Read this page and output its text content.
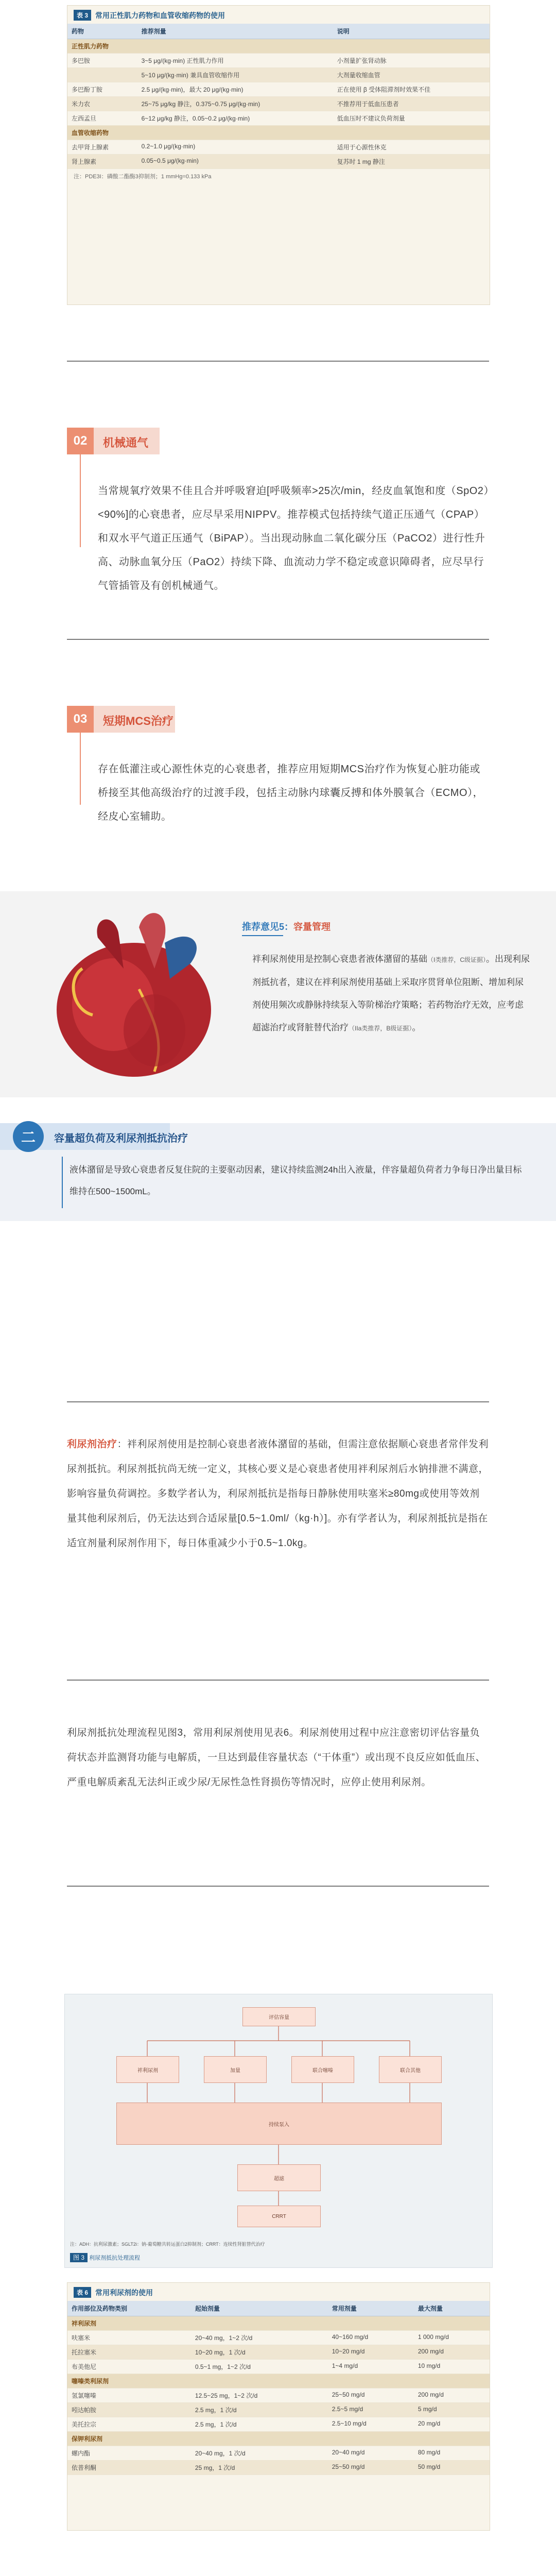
表 3	常用正性肌力药物和血管收缩药物的使用
药物	推荐剂量	说明
正性肌力药物		
多巴胺	3~5 μg/(kg·min) 正性肌力作用	小剂量扩张肾动脉
	5~10 μg/(kg·min) 兼具血管收缩作用	大剂量收缩血管
多巴酚丁胺	2.5 μg/(kg·min)，最大 20 μg/(kg·min)	正在使用 β 受体阻滞剂时效果不佳
米力农	25~75 μg/kg 静注，0.375~0.75 μg/(kg·min)	不推荐用于低血压患者
左西孟旦	6~12 μg/kg 静注，0.05~0.2 μg/(kg·min)	低血压时不建议负荷剂量
血管收缩药物		
去甲肾上腺素	0.2~1.0 μg/(kg·min)	适用于心源性休克
肾上腺素	0.05~0.5 μg/(kg·min)	复苏时 1 mg 静注
注：PDE3I：磷酸二酯酶3抑制剂；1 mmHg=0.133 kPa
02	机械通气
当常规氧疗效果不佳且合并呼吸窘迫[呼吸频率>25次/min，经皮血氧饱和度（SpO2）<90%]的心衰患者，应尽早采用NIPPV。推荐模式包括持续气道正压通气（CPAP）和双水平气道正压通气（BiPAP）。当出现动脉血二氧化碳分压（PaCO2）进行性升高、动脉血氧分压（PaO2）持续下降、血流动力学不稳定或意识障碍者，应尽早行气管插管及有创机械通气。
03	短期MCS治疗
存在低灌注或心源性休克的心衰患者，推荐应用短期MCS治疗作为恢复心脏功能或桥接至其他高级治疗的过渡手段，包括主动脉内球囊反搏和体外膜氧合（ECMO），经皮心室辅助。
推荐意见5：容量管理
袢利尿剂使用是控制心衰患者液体潴留的基础（I类推荐，C级证据）。出现利尿剂抵抗者，建议在袢利尿剂使用基础上采取序贯肾单位阻断、增加利尿剂使用频次或静脉持续泵入等阶梯治疗策略；若药物治疗无效，应考虑超滤治疗或肾脏替代治疗（IIa类推荐，B级证据）。
二	容量超负荷及利尿剂抵抗治疗
液体潴留是导致心衰患者反复住院的主要驱动因素，建议持续监测24h出入液量，伴容量超负荷者力争每日净出量目标维持在500~1500mL。
利尿剂治疗：袢利尿剂使用是控制心衰患者液体潴留的基础，但需注意依据顺心衰患者常伴发利尿剂抵抗。利尿剂抵抗尚无统一定义，其核心要义是心衰患者使用袢利尿剂后水钠排泄不满意，影响容量负荷调控。多数学者认为，利尿剂抵抗是指每日静脉使用呋塞米≥80mg或使用等效剂量其他利尿剂后，仍无法达到合适尿量[0.5~1.0ml/（kg·h）]。亦有学者认为，利尿剂抵抗是指在适宜剂量利尿剂作用下，每日体重减少小于0.5~1.0kg。
利尿剂抵抗处理流程见图3，常用利尿剂使用见表6。利尿剂使用过程中应注意密切评估容量负荷状态并监测肾功能与电解质，一旦达到最佳容量状态（“干体重”）或出现不良反应如低血压、严重电解质紊乱无法纠正或少尿/无尿性急性肾损伤等情况时，应停止使用利尿剂。
评估容量
袢利尿剂	加量	联合噻嗪	联合其他
持续泵入
超滤
CRRT
注：ADH：抗利尿激素；SGLT2i：钠-葡萄糖共转运蛋白2抑制剂；CRRT：连续性肾脏替代治疗
图 3 利尿剂抵抗处理流程
表 6	常用利尿剂的使用
作用部位及药物类别	起始剂量	常用剂量	最大剂量
袢利尿剂			
呋塞米	20~40 mg，1~2 次/d	40~160 mg/d	1 000 mg/d
托拉塞米	10~20 mg，1 次/d	10~20 mg/d	200 mg/d
布美他尼	0.5~1 mg，1~2 次/d	1~4 mg/d	10 mg/d
噻嗪类利尿剂			
氢氯噻嗪	12.5~25 mg，1~2 次/d	25~50 mg/d	200 mg/d
吲达帕胺	2.5 mg，1 次/d	2.5~5 mg/d	5 mg/d
美托拉宗	2.5 mg，1 次/d	2.5~10 mg/d	20 mg/d
保钾利尿剂			
螺内酯	20~40 mg，1 次/d	20~40 mg/d	80 mg/d
依普利酮	25 mg，1 次/d	25~50 mg/d	50 mg/d
